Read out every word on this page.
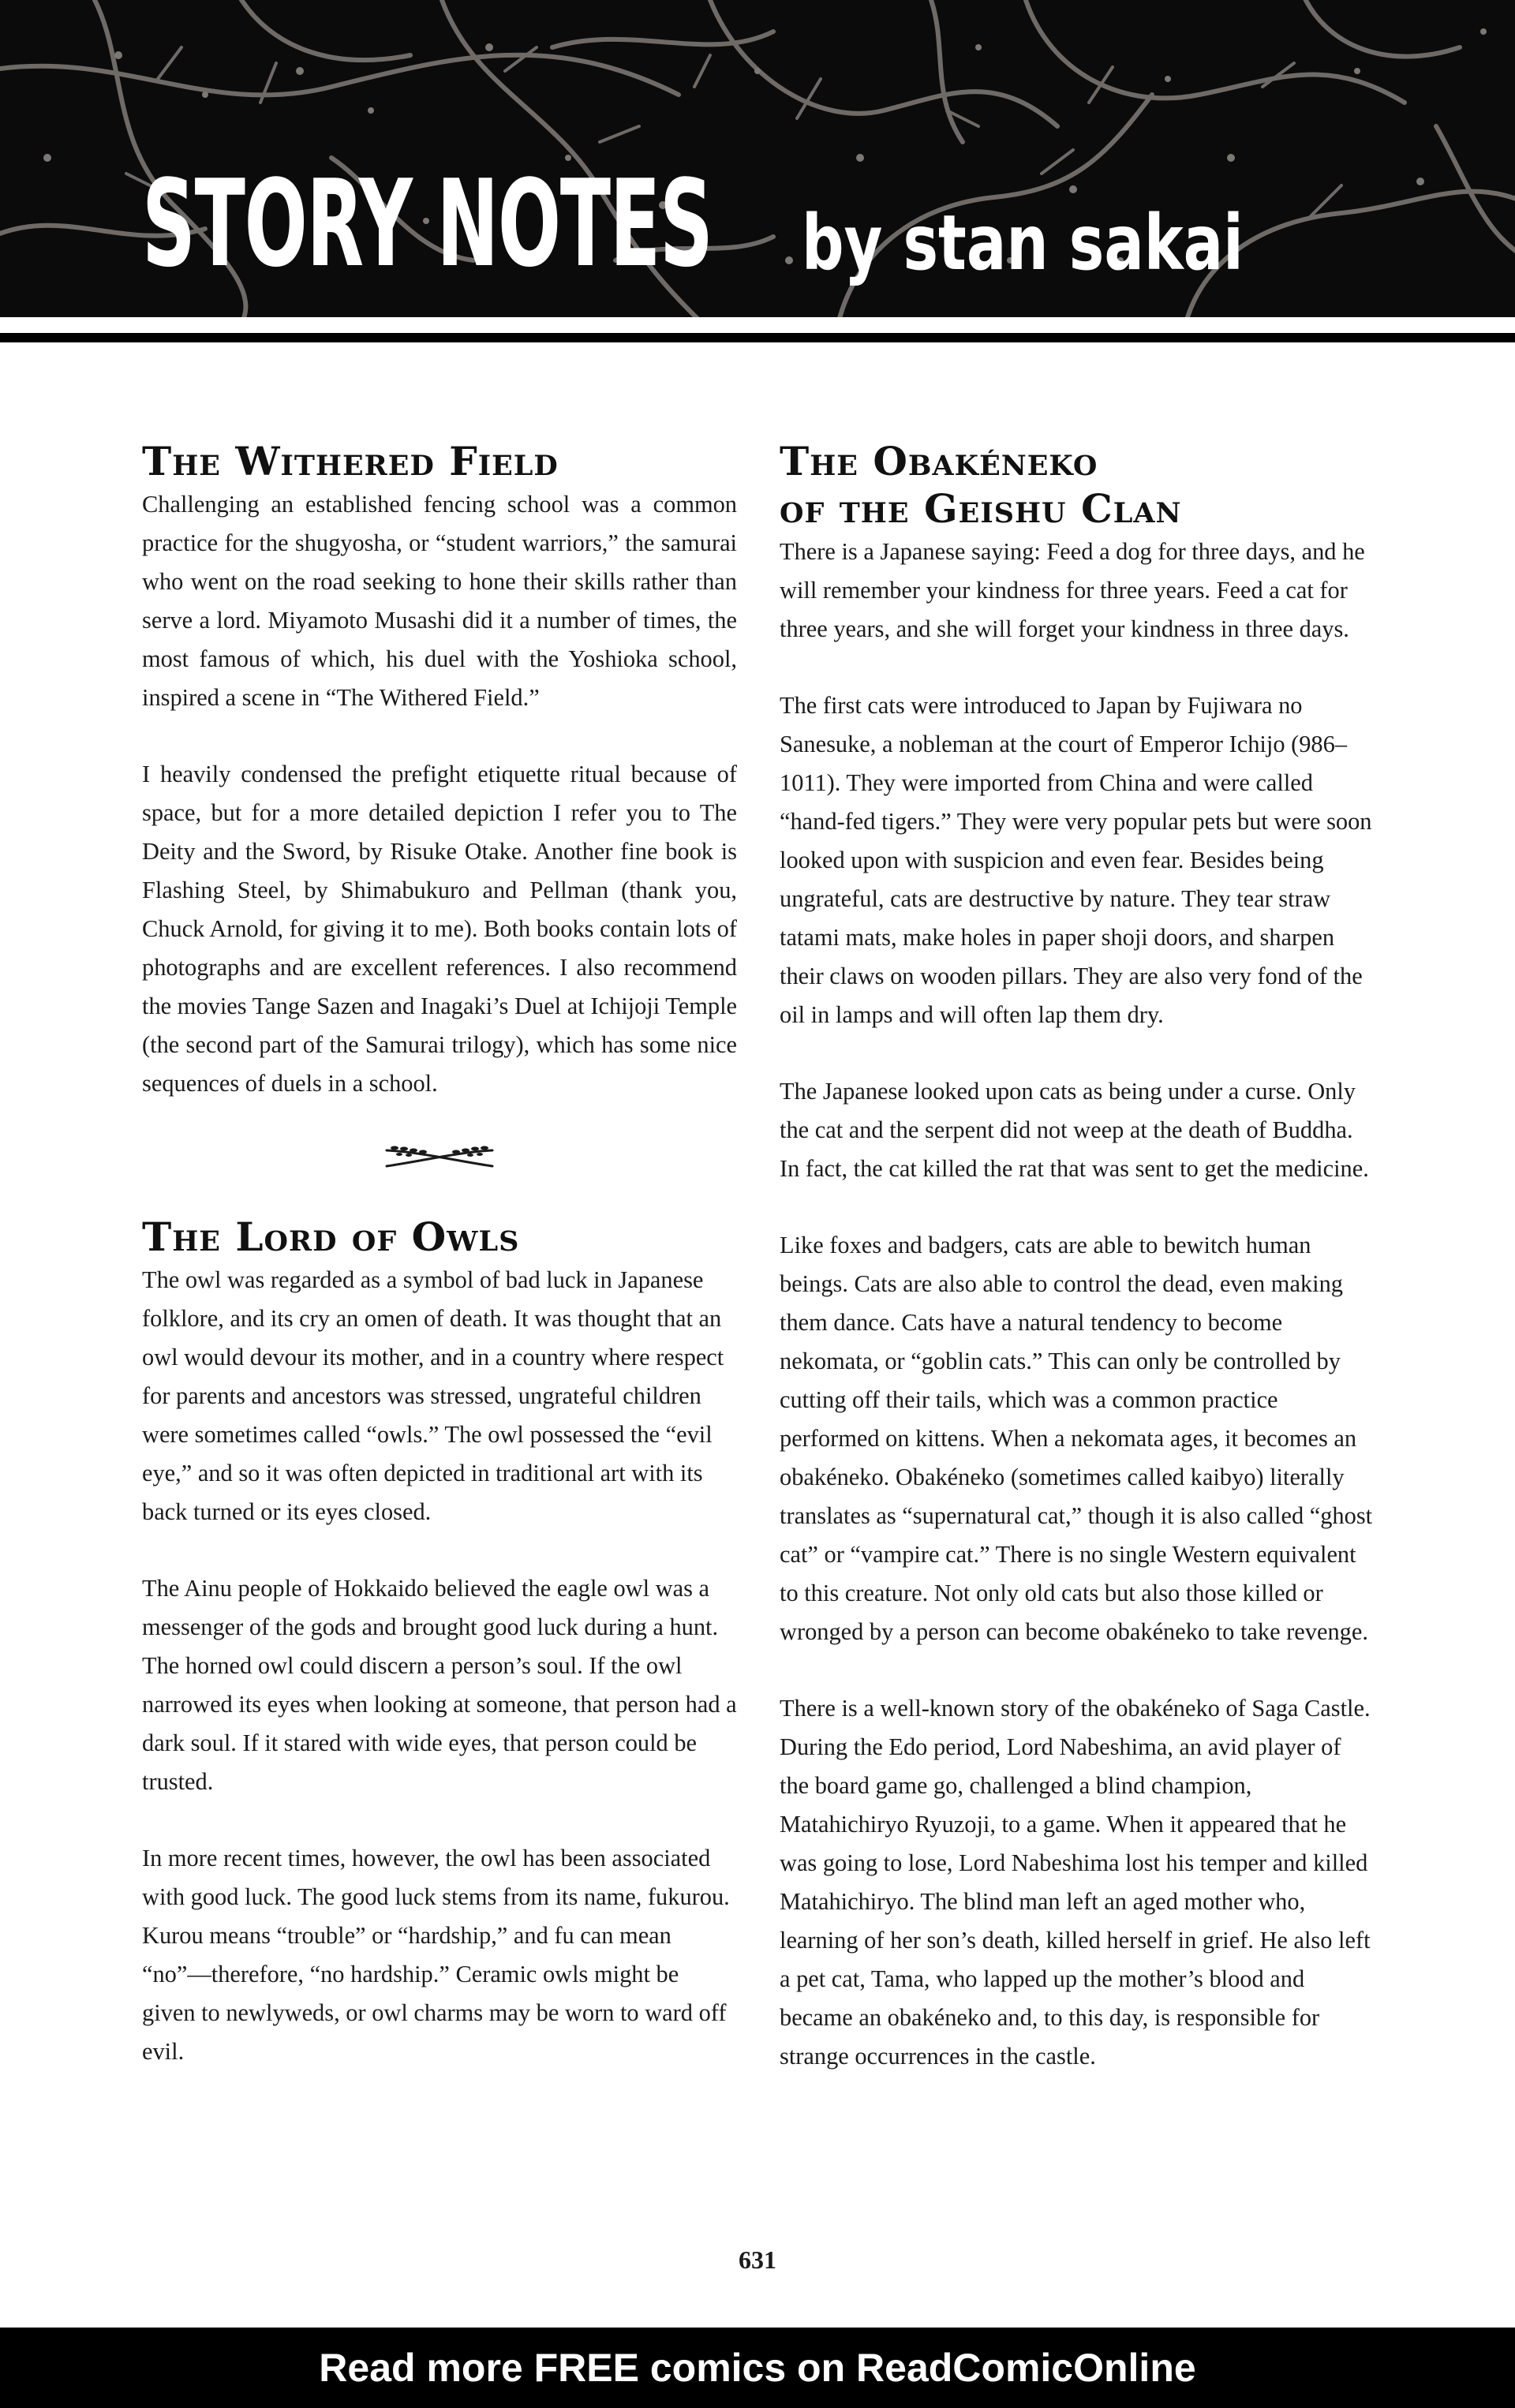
STORY NOTES by stan sakai
The Withered Field

Challenging an established fencing school was a common practice for the shugyosha, or “student warriors,” the samurai who went on the road seeking to hone their skills rather than serve a lord. Miyamoto Musashi did it a number of times, the most famous of which, his duel with the Yoshioka school, inspired a scene in “The Withered Field.”

I heavily condensed the prefight etiquette ritual because of space, but for a more detailed depiction I refer you to The Deity and the Sword, by Risuke Otake. Another fine book is Flashing Steel, by Shimabukuro and Pellman (thank you, Chuck Arnold, for giving it to me). Both books contain lots of photographs and are excellent references. I also recommend the movies Tange Sazen and Inagaki’s Duel at Ichijoji Temple (the second part of the Samurai trilogy), which has some nice sequences of duels in a school.

The Lord of Owls

The owl was regarded as a symbol of bad luck in Japanese folklore, and its cry an omen of death. It was thought that an owl would devour its mother, and in a country where respect for parents and ancestors was stressed, ungrateful children were sometimes called “owls.” The owl possessed the “evil eye,” and so it was often depicted in traditional art with its back turned or its eyes closed.

The Ainu people of Hokkaido believed the eagle owl was a messenger of the gods and brought good luck during a hunt. The horned owl could discern a person’s soul. If the owl narrowed its eyes when looking at someone, that person had a dark soul. If it stared with wide eyes, that person could be trusted.

In more recent times, however, the owl has been associated with good luck. The good luck stems from its name, fukurou. Kurou means “trouble” or “hardship,” and fu can mean “no”—therefore, “no hardship.” Ceramic owls might be given to newlyweds, or owl charms may be worn to ward off evil.

The Obakéneko
of the Geishu Clan

There is a Japanese saying: Feed a dog for three days, and he will remember your kindness for three years. Feed a cat for three years, and she will forget your kindness in three days.

The first cats were introduced to Japan by Fujiwara no Sanesuke, a nobleman at the court of Emperor Ichijo (986–1011). They were imported from China and were called “hand-fed tigers.” They were very popular pets but were soon looked upon with suspicion and even fear. Besides being ungrateful, cats are destructive by nature. They tear straw tatami mats, make holes in paper shoji doors, and sharpen their claws on wooden pillars. They are also very fond of the oil in lamps and will often lap them dry.

The Japanese looked upon cats as being under a curse. Only the cat and the serpent did not weep at the death of Buddha. In fact, the cat killed the rat that was sent to get the medicine.

Like foxes and badgers, cats are able to bewitch human beings. Cats are also able to control the dead, even making them dance. Cats have a natural tendency to become nekomata, or “goblin cats.” This can only be controlled by cutting off their tails, which was a common practice performed on kittens. When a nekomata ages, it becomes an obakéneko. Obakéneko (sometimes called kaibyo) literally translates as “supernatural cat,” though it is also called “ghost cat” or “vampire cat.” There is no single Western equivalent to this creature. Not only old cats but also those killed or wronged by a person can become obakéneko to take revenge.

There is a well-known story of the obakéneko of Saga Castle. During the Edo period, Lord Nabeshima, an avid player of the board game go, challenged a blind champion, Matahichiryo Ryuzoji, to a game. When it appeared that he was going to lose, Lord Nabeshima lost his temper and killed Matahichiryo. The blind man left an aged mother who, learning of her son’s death, killed herself in grief. He also left a pet cat, Tama, who lapped up the mother’s blood and became an obakéneko and, to this day, is responsible for strange occurrences in the castle.

631
Read more FREE comics on ReadComicOnline
